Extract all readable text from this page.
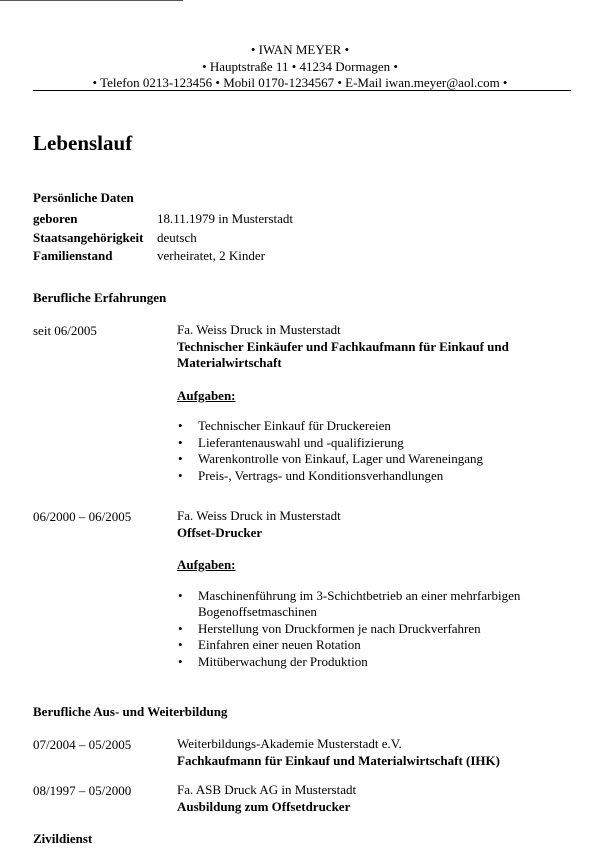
• IWAN MEYER •
• Hauptstraße 11 • 41234 Dormagen •
• Telefon 0213-123456 • Mobil 0170-1234567 • E-Mail iwan.meyer@aol.com •
Lebenslauf
Persönliche Daten
geboren	18.11.1979 in Musterstadt
Staatsangehörigkeit deutsch
Familienstand	verheiratet, 2 Kinder
Berufliche Erfahrungen
seit 06/2005	Fa. Weiss Druck in Musterstadt
Technischer Einkäufer und Fachkaufmann für Einkauf und Materialwirtschaft
Aufgaben:
• Technischer Einkauf für Druckereien
• Lieferantenauswahl und -qualifizierung
• Warenkontrolle von Einkauf, Lager und Wareneingang
• Preis-, Vertrags- und Konditionsverhandlungen
06/2000 – 06/2005	Fa. Weiss Druck in Musterstadt
Offset-Drucker
Aufgaben:
• Maschinenführung im 3-Schichtbetrieb an einer mehrfarbigen Bogenoffsetmaschinen
• Herstellung von Druckformen je nach Druckverfahren
• Einfahren einer neuen Rotation
• Mitüberwachung der Produktion
Berufliche Aus- und Weiterbildung
07/2004 – 05/2005	Weiterbildungs-Akademie Musterstadt e.V.
Fachkaufmann für Einkauf und Materialwirtschaft (IHK)
08/1997 – 05/2000	Fa. ASB Druck AG in Musterstadt
Ausbildung zum Offsetdrucker
Zivildienst
